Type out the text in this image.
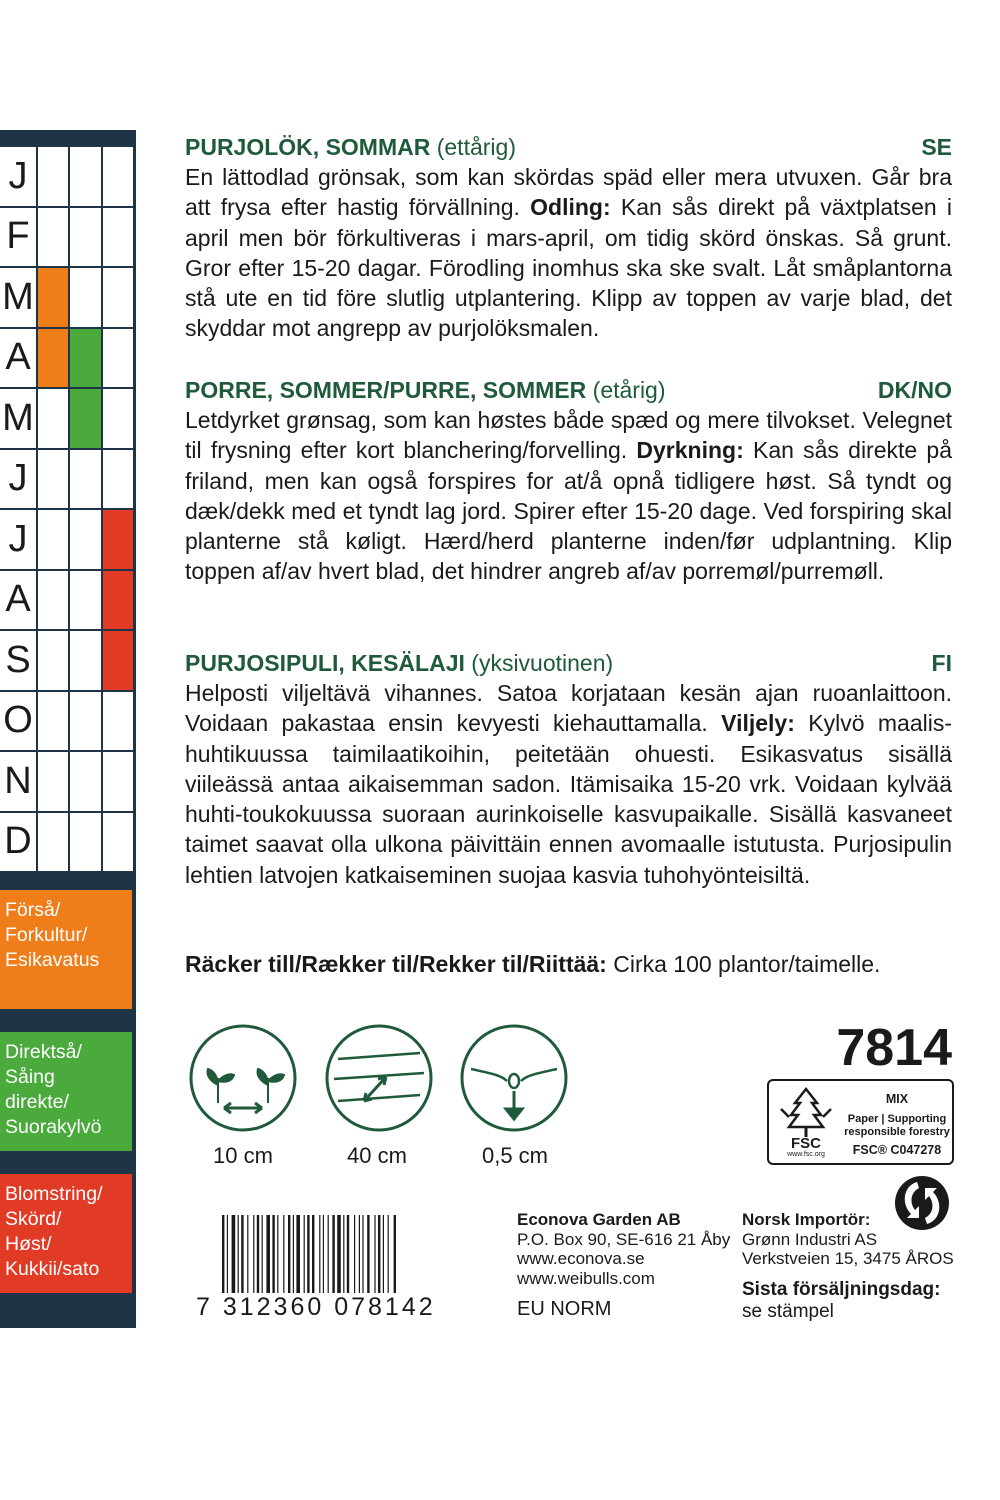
J
F
M
A
M
J
J
A
S
O
N
D
Förså/
Forkultur/
Esikavatus
Direktså/
Såing
direkte/
Suorakylvö
Blomstring/
Skörd/
Høst/
Kukkii/sato
PURJOLÖK, SOMMAR (ettårig)	SE
En lättodlad grönsak, som kan skördas späd eller mera utvuxen. Går bra att frysa efter hastig förvällning. Odling: Kan sås direkt på växtplatsen i april men bör förkultiveras i mars-april, om tidig skörd önskas. Så grunt. Gror efter 15-20 dagar. Förodling inomhus ska ske svalt. Låt småplantorna stå ute en tid före slutlig utplantering. Klipp av toppen av varje blad, det skyddar mot angrepp av purjolöksmalen.
PORRE, SOMMER/PURRE, SOMMER (etårig)	DK/NO
Letdyrket grønsag, som kan høstes både spæd og mere tilvokset. Velegnet til frysning efter kort blanchering/forvelling. Dyrkning: Kan sås direkte på friland, men kan også forspires for at/å opnå tidligere høst. Så tyndt og dæk/dekk med et tyndt lag jord. Spirer efter 15-20 dage. Ved forspiring skal planterne stå køligt. Hærd/herd planterne inden/før udplantning. Klip toppen af/av hvert blad, det hindrer angreb af/av porremøl/purremøll.
PURJOSIPULI, KESÄLAJI (yksivuotinen)	FI
Helposti viljeltävä vihannes. Satoa korjataan kesän ajan ruoanlaittoon. Voidaan pakastaa ensin kevyesti kiehauttamalla. Viljely: Kylvö maalis-huhtikuussa taimilaatikoihin, peitetään ohuesti. Esikasvatus sisällä viileässä antaa aikaisemman sadon. Itämisaika 15-20 vrk. Voidaan kylvää huhti-toukokuussa suoraan aurinkoiselle kasvupaikalle. Sisällä kasvaneet taimet saavat olla ulkona päivittäin ennen avomaalle istutusta. Purjosipulin lehtien latvojen katkaiseminen suojaa kasvia tuhohyönteisiltä.
Räcker till/Rækker til/Rekker til/Riittää: Cirka 100 plantor/taimelle.
7814
10 cm	40 cm	0,5 cm	FSC
www.fsc.org
MIX
Paper | Supporting
responsible forestry
FSC® C047278
7 312360 078142
Econova Garden AB
P.O. Box 90, SE-616 21 Åby
www.econova.se
www.weibulls.com
EU NORM
Norsk Importör:
Grønn Industri AS
Verkstveien 15, 3475 ÅROS
Sista försäljningsdag:
se stämpel
